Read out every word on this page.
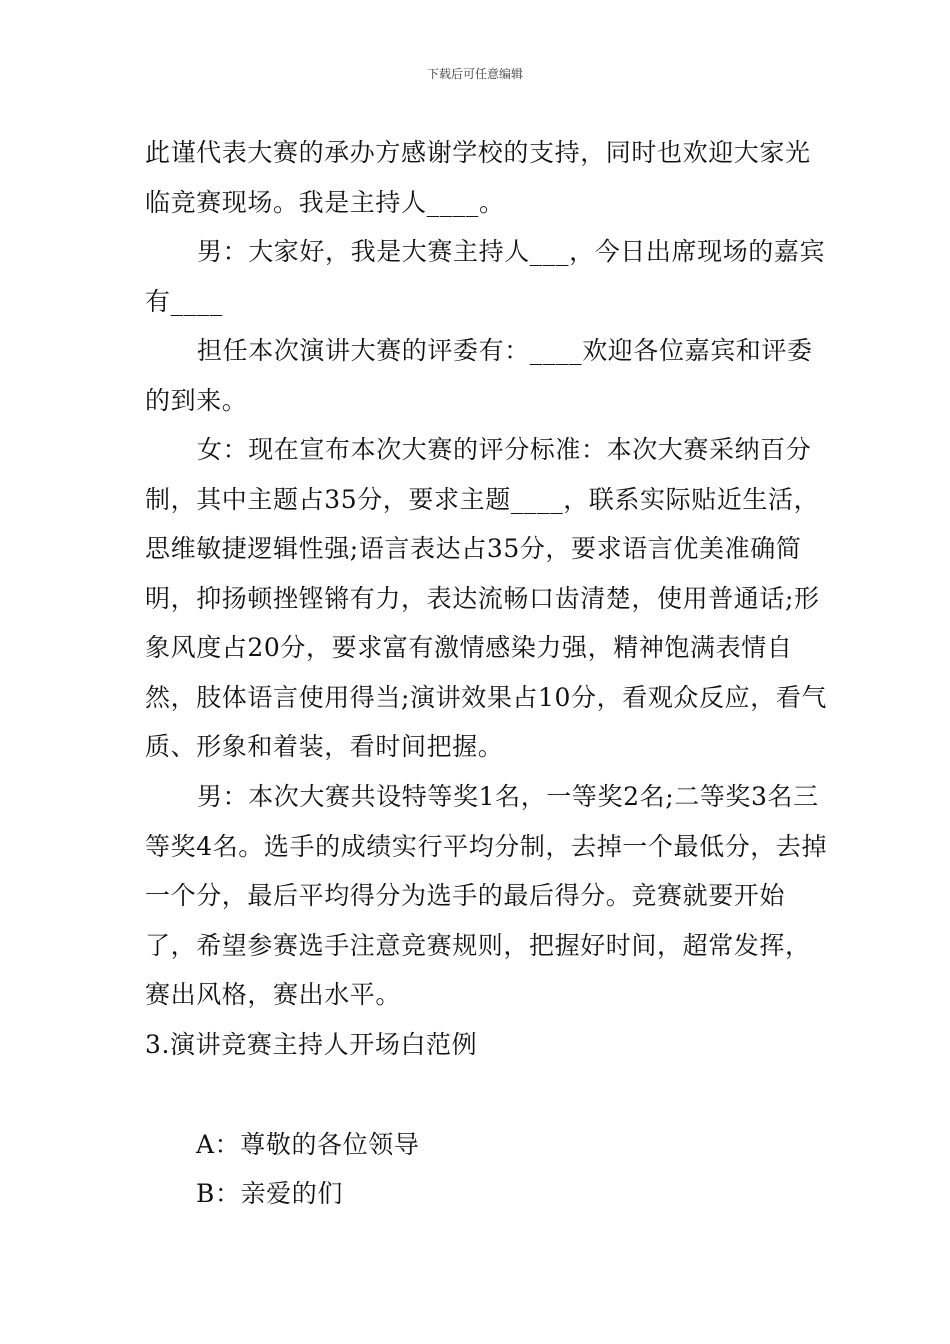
下载后可任意编辑

此谨代表大赛的承办方感谢学校的支持，同时也欢迎大家光临竞赛现场。我是主持人____。

男：大家好，我是大赛主持人___，今日出席现场的嘉宾有____

担任本次演讲大赛的评委有：____欢迎各位嘉宾和评委的到来。

女：现在宣布本次大赛的评分标准：本次大赛采纳百分制，其中主题占35分，要求主题____，联系实际贴近生活，思维敏捷逻辑性强;语言表达占35分，要求语言优美准确简明，抑扬顿挫铿锵有力，表达流畅口齿清楚，使用普通话;形象风度占20分，要求富有激情感染力强，精神饱满表情自然，肢体语言使用得当;演讲效果占10分，看观众反应，看气质、形象和着装，看时间把握。

男：本次大赛共设特等奖1名，一等奖2名;二等奖3名三等奖4名。选手的成绩实行平均分制，去掉一个最低分，去掉一个分，最后平均得分为选手的最后得分。竞赛就要开始了，希望参赛选手注意竞赛规则，把握好时间，超常发挥，赛出风格，赛出水平。

3.演讲竞赛主持人开场白范例

A：尊敬的各位领导

B：亲爱的们
